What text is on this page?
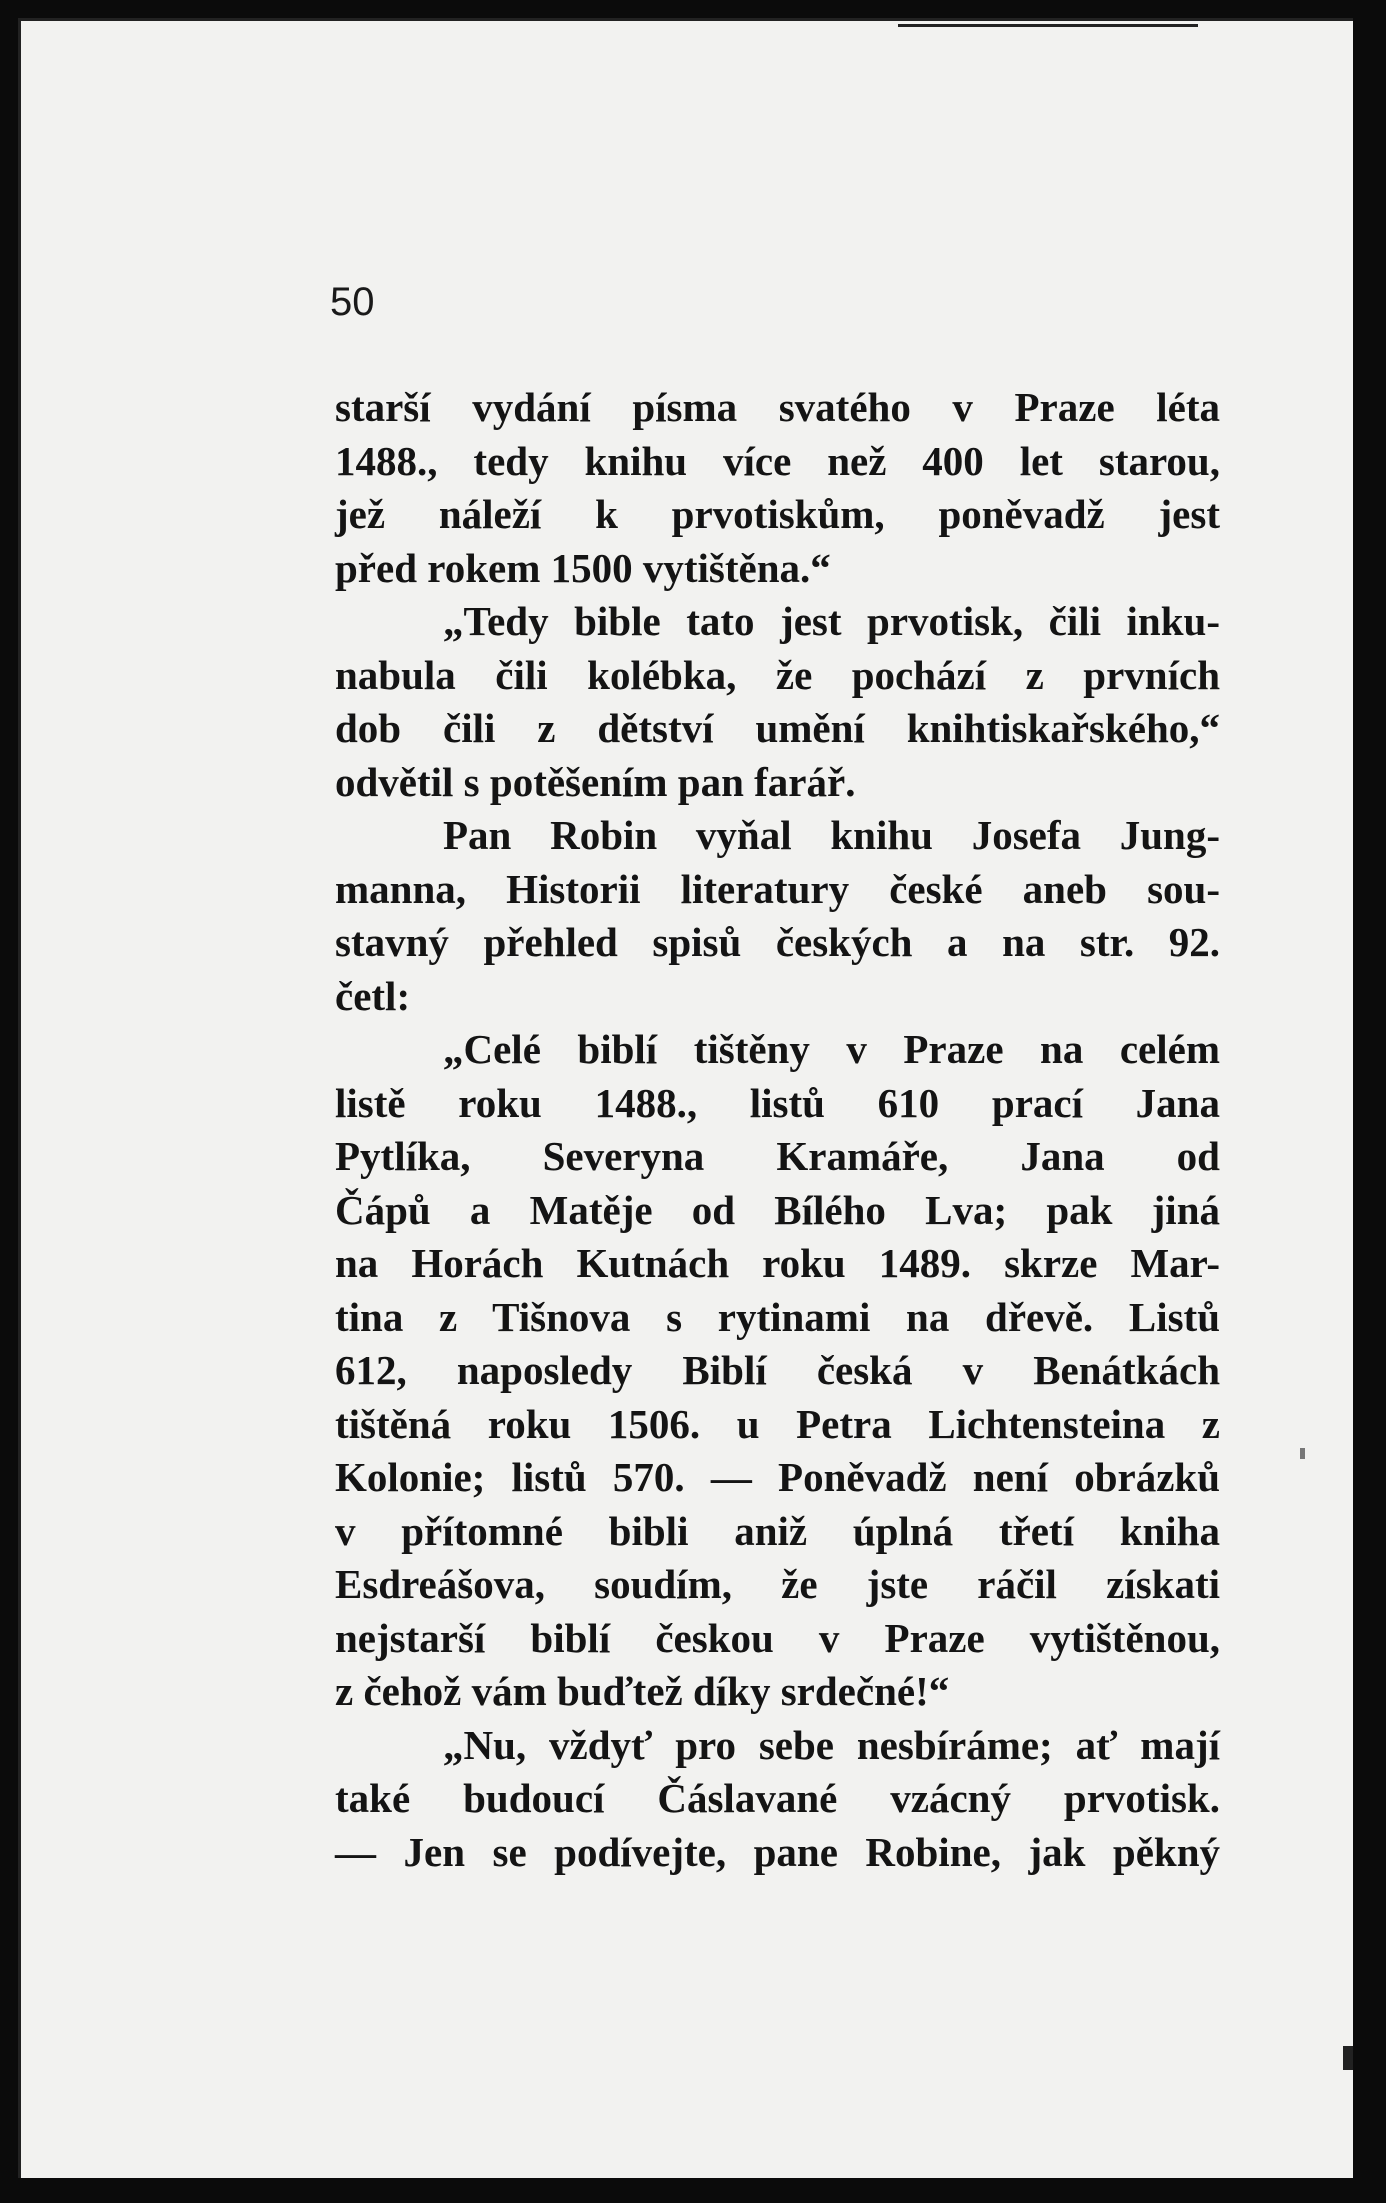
50
starší vydání písma svatého v Praze léta
1488., tedy knihu více než 400 let starou,
jež náleží k prvotiskům, poněvadž jest
před rokem 1500 vytištěna.“
„Tedy bible tato jest prvotisk, čili inku-
nabula čili kolébka, že pochází z prvních
dob čili z dětství umění knihtiskařského,“
odvětil s potěšením pan farář.
Pan Robin vyňal knihu Josefa Jung-
manna, Historii literatury české aneb sou-
stavný přehled spisů českých a na str. 92.
četl:
„Celé biblí tištěny v Praze na celém
listě roku 1488., listů 610 prací Jana
Pytlíka, Severyna Kramáře, Jana od
Čápů a Matěje od Bílého Lva; pak jiná
na Horách Kutnách roku 1489. skrze Mar-
tina z Tišnova s rytinami na dřevě. Listů
612, naposledy Biblí česká v Benátkách
tištěná roku 1506. u Petra Lichtensteina z
Kolonie; listů 570. — Poněvadž není obrázků
v přítomné bibli aniž úplná třetí kniha
Esdreášova, soudím, že jste ráčil získati
nejstarší biblí českou v Praze vytištěnou,
z čehož vám buďtež díky srdečné!“
„Nu, vždyť pro sebe nesbíráme; ať mají
také budoucí Čáslavané vzácný prvotisk.
— Jen se podívejte, pane Robine, jak pěkný
